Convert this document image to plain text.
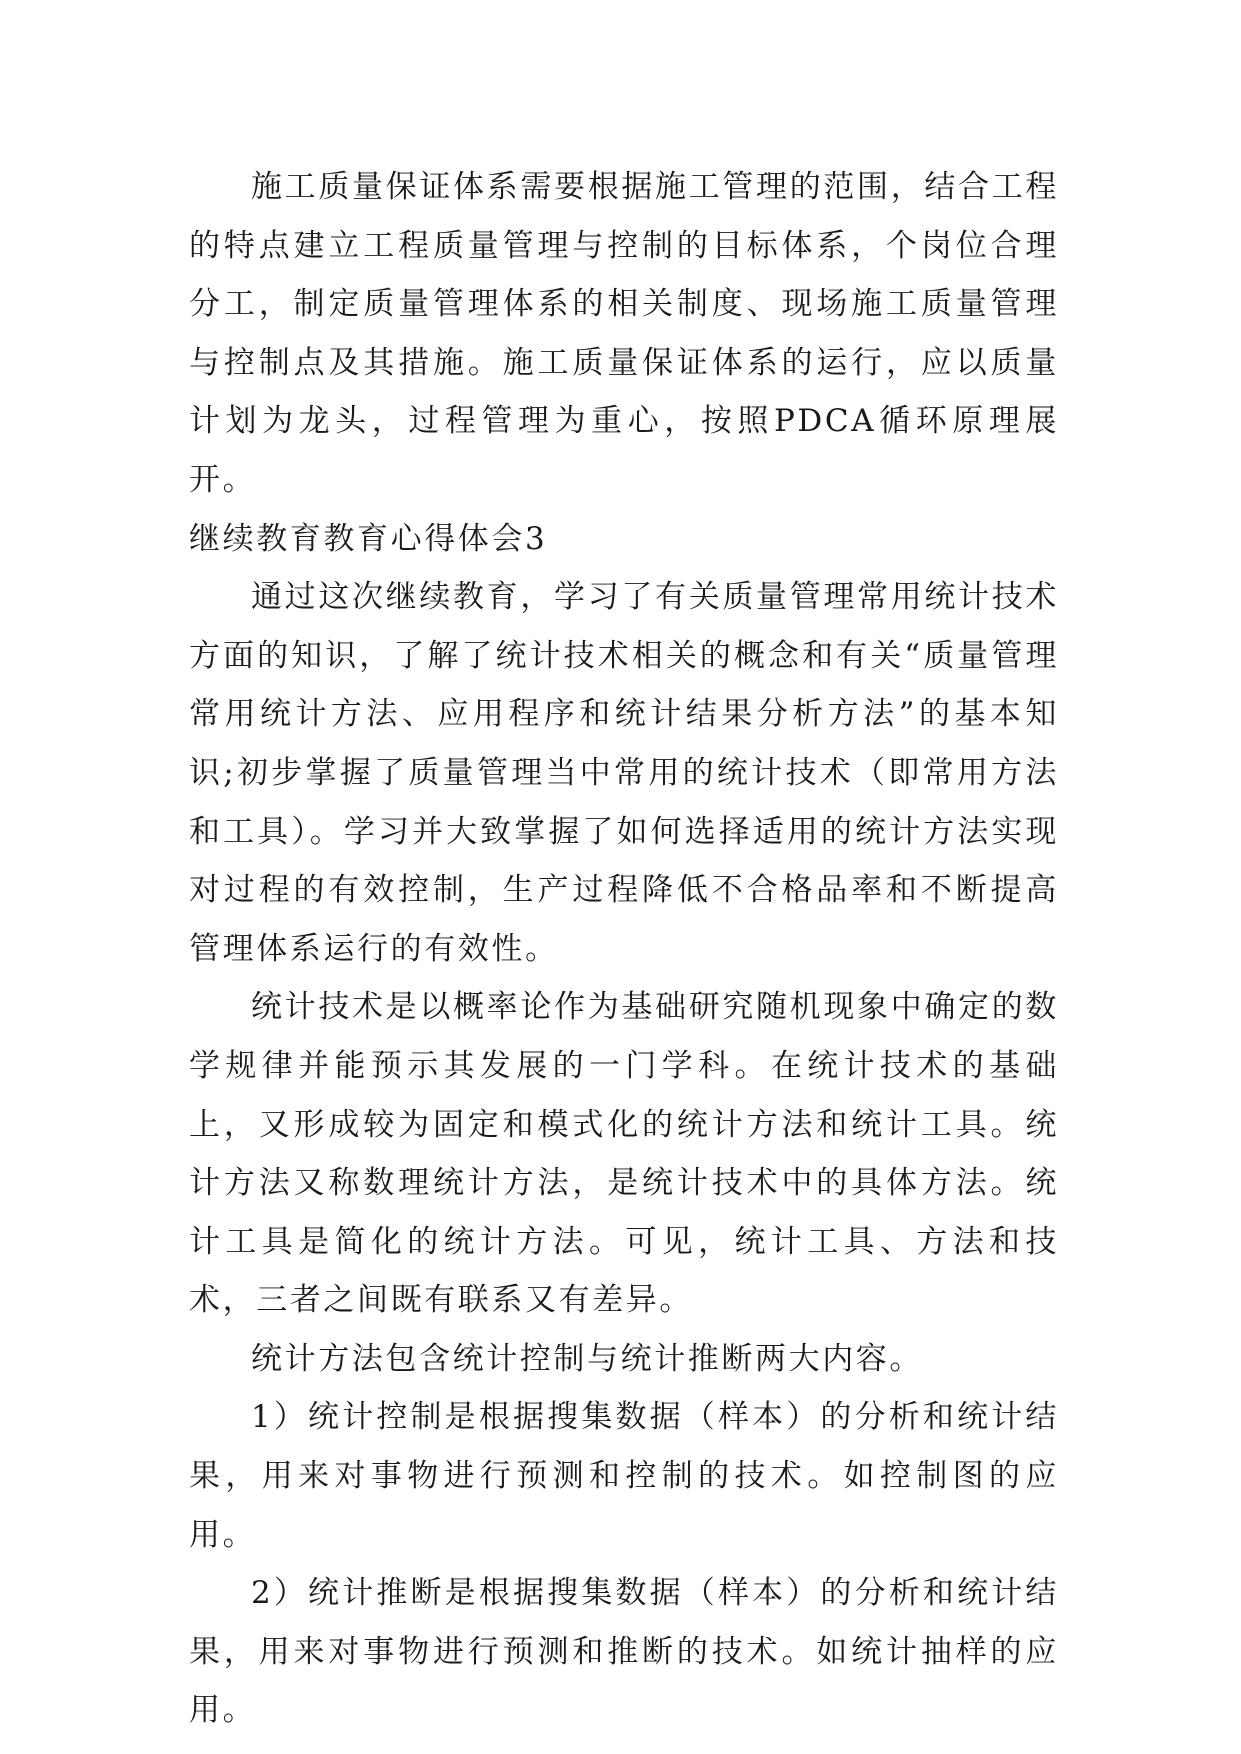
施工质量保证体系需要根据施工管理的范围，结合工程的特点建立工程质量管理与控制的目标体系，个岗位合理分工，制定质量管理体系的相关制度、现场施工质量管理与控制点及其措施。施工质量保证体系的运行，应以质量计划为龙头，过程管理为重心，按照PDCA循环原理展开。

继续教育教育心得体会3

通过这次继续教育，学习了有关质量管理常用统计技术方面的知识，了解了统计技术相关的概念和有关“质量管理常用统计方法、应用程序和统计结果分析方法”的基本知识;初步掌握了质量管理当中常用的统计技术（即常用方法和工具）。学习并大致掌握了如何选择适用的统计方法实现对过程的有效控制，生产过程降低不合格品率和不断提高管理体系运行的有效性。

统计技术是以概率论作为基础研究随机现象中确定的数学规律并能预示其发展的一门学科。在统计技术的基础上，又形成较为固定和模式化的统计方法和统计工具。统计方法又称数理统计方法，是统计技术中的具体方法。统计工具是简化的统计方法。可见，统计工具、方法和技术，三者之间既有联系又有差异。

统计方法包含统计控制与统计推断两大内容。

1）统计控制是根据搜集数据（样本）的分析和统计结果，用来对事物进行预测和控制的技术。如控制图的应用。

2）统计推断是根据搜集数据（样本）的分析和统计结果，用来对事物进行预测和推断的技术。如统计抽样的应用。
